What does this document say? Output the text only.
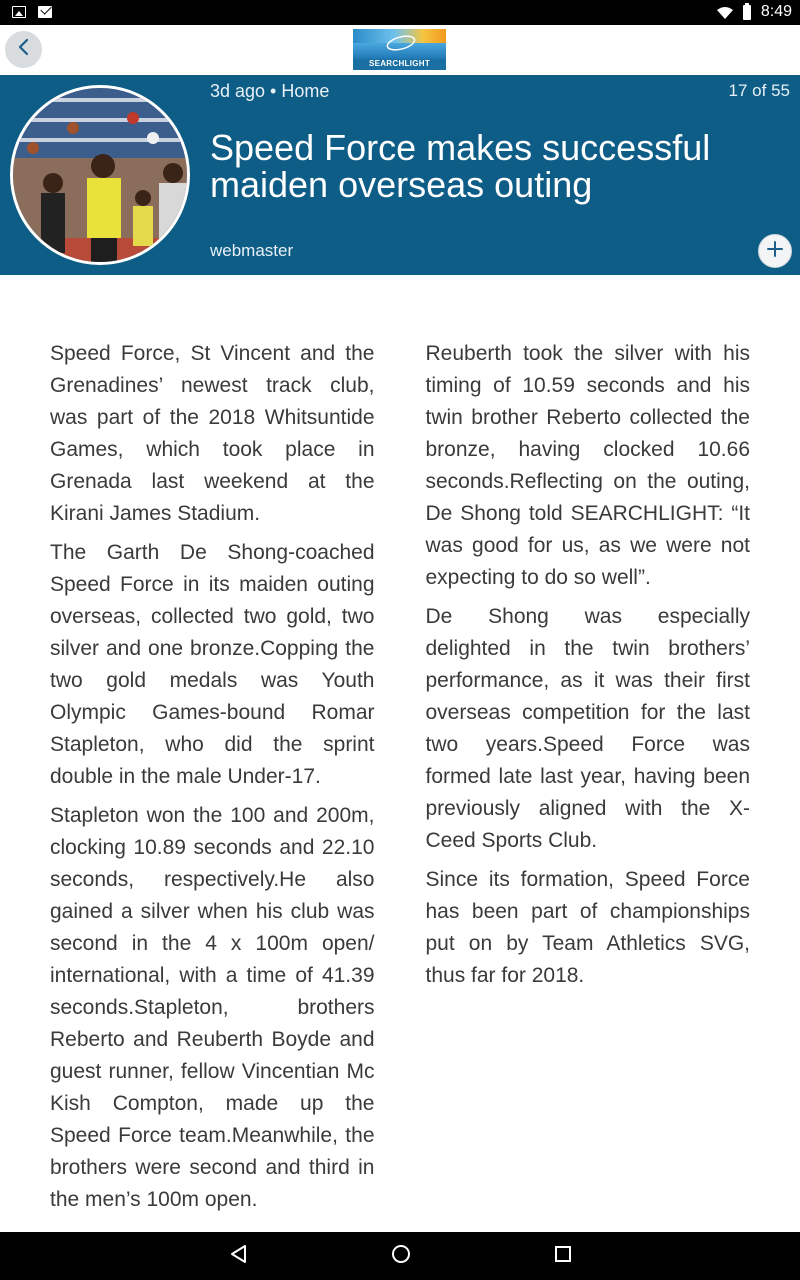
8:49
SEARCHLIGHT
3d ago • Home	17 of 55
Speed Force makes successful maiden overseas outing
webmaster

Speed Force, St Vincent and the Grenadines’ newest track club, was part of the 2018 Whitsuntide Games, which took place in Grenada last weekend at the Kirani James Stadium.

The Garth De Shong-coached Speed Force in its maiden outing overseas, collected two gold, two silver and one bronze.Copping the two gold medals was Youth Olympic Games-bound Romar Stapleton, who did the sprint double in the male Under-17.

Stapleton won the 100 and 200m, clocking 10.89 seconds and 22.10 seconds, respectively.He also gained a silver when his club was second in the 4 x 100m open/ international, with a time of 41.39 seconds.Stapleton, brothers Reberto and Reuberth Boyde and guest runner, fellow Vincentian Mc Kish Compton, made up the Speed Force team.Meanwhile, the brothers were second and third in the men’s 100m open.

Reuberth took the silver with his timing of 10.59 seconds and his twin brother Reberto collected the bronze, having clocked 10.66 seconds.Reflecting on the outing, De Shong told SEARCHLIGHT: “It was good for us, as we were not expecting to do so well”.

De Shong was especially delighted in the twin brothers’ performance, as it was their first overseas competition for the last two years.Speed Force was formed late last year, having been previously aligned with the X- Ceed Sports Club.

Since its formation, Speed Force has been part of championships put on by Team Athletics SVG, thus far for 2018.
